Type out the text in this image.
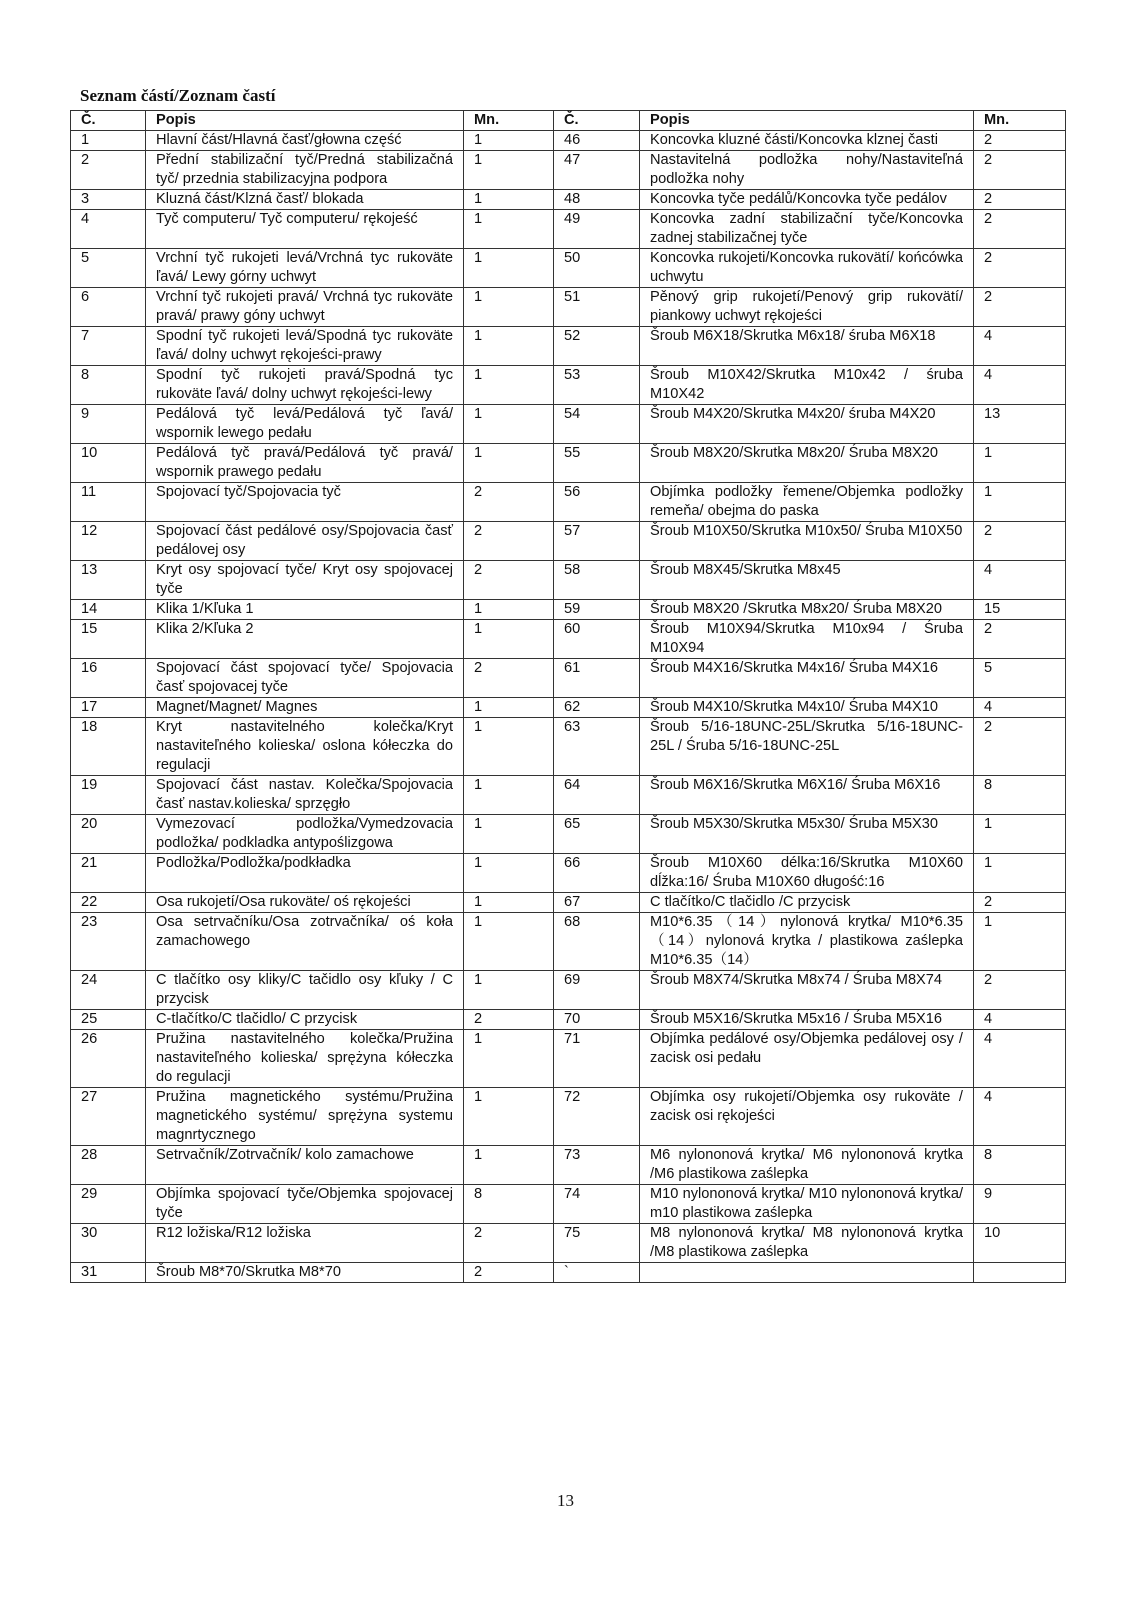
Seznam částí/Zoznam častí
Č.	Popis	Mn.	Č.	Popis	Mn.
1	Hlavní část/Hlavná časť/głowna część	1	46	Koncovka kluzné části/Koncovka klznej časti	2
2	Přední stabilizační tyč/Predná stabilizačná tyč/ przednia stabilizacyjna podpora	1	47	Nastavitelná podložka nohy/Nastaviteľná podložka nohy	2
3	Kluzná část/Klzná časť/ blokada	1	48	Koncovka tyče pedálů/Koncovka tyče pedálov	2
4	Tyč computeru/ Tyč computeru/ rękojeść	1	49	Koncovka zadní stabilizační tyče/Koncovka zadnej stabilizačnej tyče	2
5	Vrchní tyč rukojeti levá/Vrchná tyc rukoväte ľavá/ Lewy górny uchwyt	1	50	Koncovka rukojeti/Koncovka rukovätí/ końcówka uchwytu	2
6	Vrchní tyč rukojeti pravá/ Vrchná tyc rukoväte pravá/ prawy góny uchwyt	1	51	Pěnový grip rukojetí/Penový grip rukovätí/ piankowy uchwyt rękojeści	2
7	Spodní tyč rukojeti levá/Spodná tyc rukoväte ľavá/ dolny uchwyt rękojeści-prawy	1	52	Šroub M6X18/Skrutka M6x18/ śruba M6X18	4
8	Spodní tyč rukojeti pravá/Spodná tyc rukoväte ľavá/ dolny uchwyt rękojeści-lewy	1	53	Šroub M10X42/Skrutka M10x42 / śruba M10X42	4
9	Pedálová tyč levá/Pedálová tyč ľavá/ wspornik lewego pedału	1	54	Šroub M4X20/Skrutka M4x20/ śruba M4X20	13
10	Pedálová tyč pravá/Pedálová tyč pravá/ wspornik prawego pedału	1	55	Šroub M8X20/Skrutka M8x20/ Śruba M8X20	1
11	Spojovací tyč/Spojovacia tyč	2	56	Objímka podložky řemene/Objemka podložky remeňa/ obejma do paska	1
12	Spojovací část pedálové osy/Spojovacia časť pedálovej osy	2	57	Šroub M10X50/Skrutka M10x50/ Śruba M10X50	2
13	Kryt osy spojovací tyče/ Kryt osy spojovacej tyče	2	58	Šroub M8X45/Skrutka M8x45	4
14	Klika 1/Kľuka 1	1	59	Šroub M8X20 /Skrutka M8x20/ Śruba M8X20	15
15	Klika 2/Kľuka 2	1	60	Šroub M10X94/Skrutka M10x94 / Śruba M10X94	2
16	Spojovací část spojovací tyče/ Spojovacia časť spojovacej tyče	2	61	Šroub M4X16/Skrutka M4x16/ Śruba M4X16	5
17	Magnet/Magnet/ Magnes	1	62	Šroub M4X10/Skrutka M4x10/ Śruba M4X10	4
18	Kryt nastavitelného kolečka/Kryt nastaviteľného kolieska/ oslona kółeczka do regulacji	1	63	Šroub 5/16-18UNC-25L/Skrutka 5/16-18UNC-25L / Śruba 5/16-18UNC-25L	2
19	Spojovací část nastav. Kolečka/Spojovacia časť nastav.kolieska/ sprzęgło	1	64	Šroub M6X16/Skrutka M6X16/ Śruba M6X16	8
20	Vymezovací podložka/Vymedzovacia podložka/ podkladka antypoślizgowa	1	65	Šroub M5X30/Skrutka M5x30/ Śruba M5X30	1
21	Podložka/Podložka/podkładka	1	66	Šroub M10X60 délka:16/Skrutka M10X60 dĺžka:16/ Śruba M10X60 długość:16	1
22	Osa rukojetí/Osa rukoväte/ oś rękojeści	1	67	C tlačítko/C tlačidlo /C przycisk	2
23	Osa setrvačníku/Osa zotrvačníka/ oś koła zamachowego	1	68	M10*6.35（14）nylonová krytka/ M10*6.35（14）nylonová krytka / plastikowa zaślepka M10*6.35（14）	1
24	C tlačítko osy kliky/C tačidlo osy kľuky / C przycisk	1	69	Šroub M8X74/Skrutka M8x74 / Śruba M8X74	2
25	C-tlačítko/C tlačidlo/ C przycisk	2	70	Šroub M5X16/Skrutka M5x16 / Śruba M5X16	4
26	Pružina nastavitelného kolečka/Pružina nastaviteľného kolieska/ sprężyna kółeczka do regulacji	1	71	Objímka pedálové osy/Objemka pedálovej osy / zacisk osi pedału	4
27	Pružina magnetického systému/Pružina magnetického systému/ sprężyna systemu magnrtycznego	1	72	Objímka osy rukojetí/Objemka osy rukoväte / zacisk osi rękojeści	4
28	Setrvačník/Zotrvačník/ kolo zamachowe	1	73	M6 nylononová krytka/ M6 nylononová krytka /M6 plastikowa zaślepka	8
29	Objímka spojovací tyče/Objemka spojovacej tyče	8	74	M10 nylononová krytka/ M10 nylononová krytka/ m10 plastikowa zaślepka	9
30	R12 ložiska/R12 ložiska	2	75	M8 nylononová krytka/ M8 nylononová krytka /M8 plastikowa zaślepka	10
31	Šroub M8*70/Skrutka M8*70	2	`		
13
